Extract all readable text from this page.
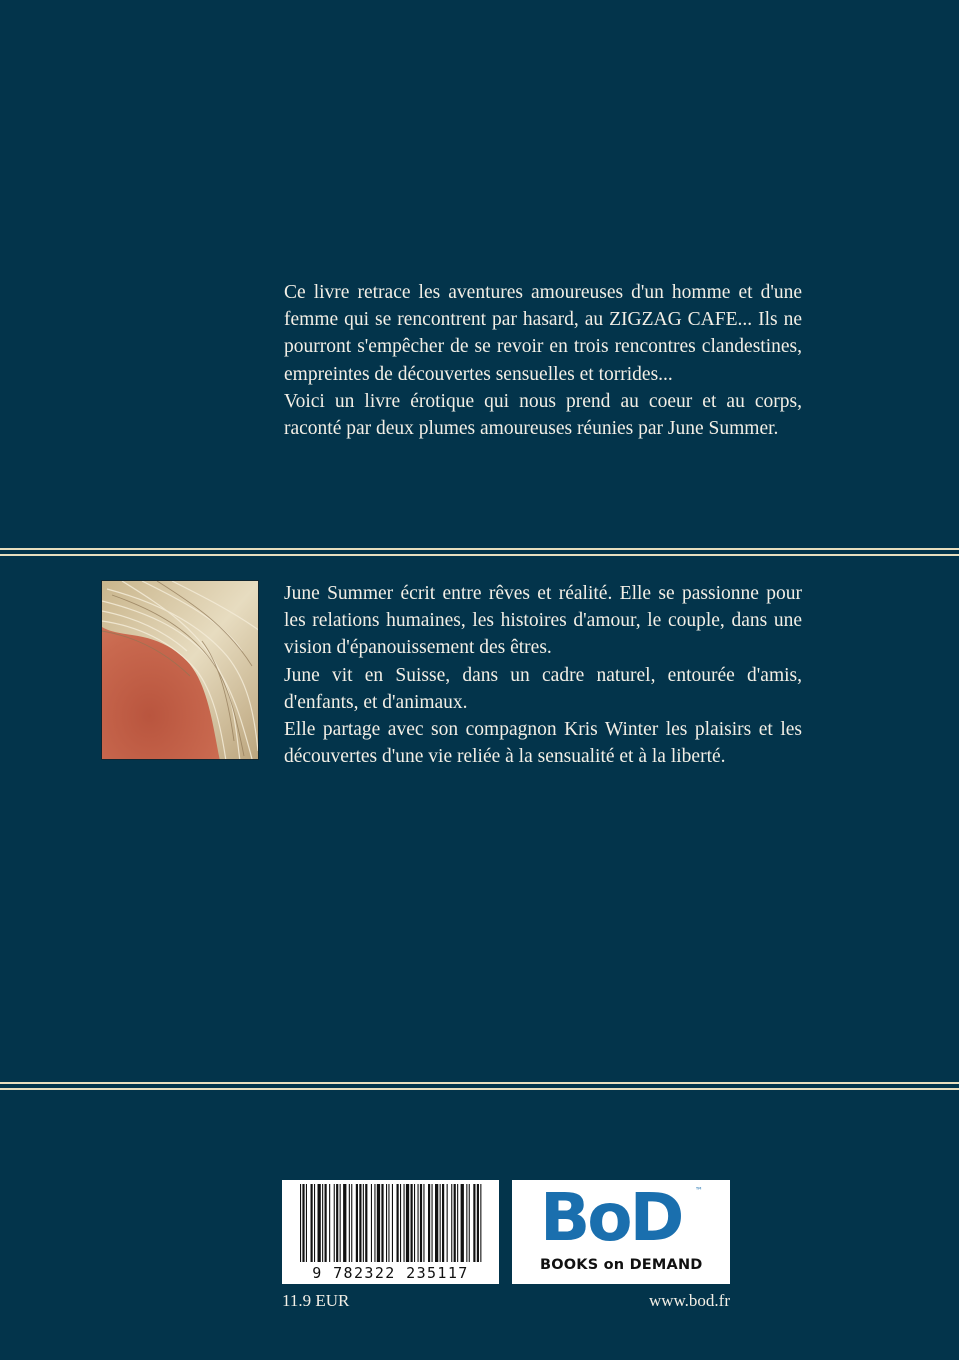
Ce livre retrace les aventures amoureuses d'un homme et d'une femme qui se rencontrent par hasard, au ZIGZAG CAFE... Ils ne pourront s'empêcher de se revoir en trois rencontres clandestines, empreintes de découvertes sensuelles et torrides...

Voici un livre érotique qui nous prend au coeur et au corps, raconté par deux plumes amoureuses réunies par June Summer.

June Summer écrit entre rêves et réalité. Elle se passionne pour les relations humaines, les histoires d'amour, le couple, dans une vision d'épanouissement des êtres.

June vit en Suisse, dans un cadre naturel, entourée d'amis, d'enfants, et d'animaux.

Elle partage avec son compagnon Kris Winter les plaisirs et les découvertes d'une vie reliée à la sensualité et à la liberté.

9 782322 235117
BoD ™
BOOKS on DEMAND
11.9 EUR	www.bod.fr
